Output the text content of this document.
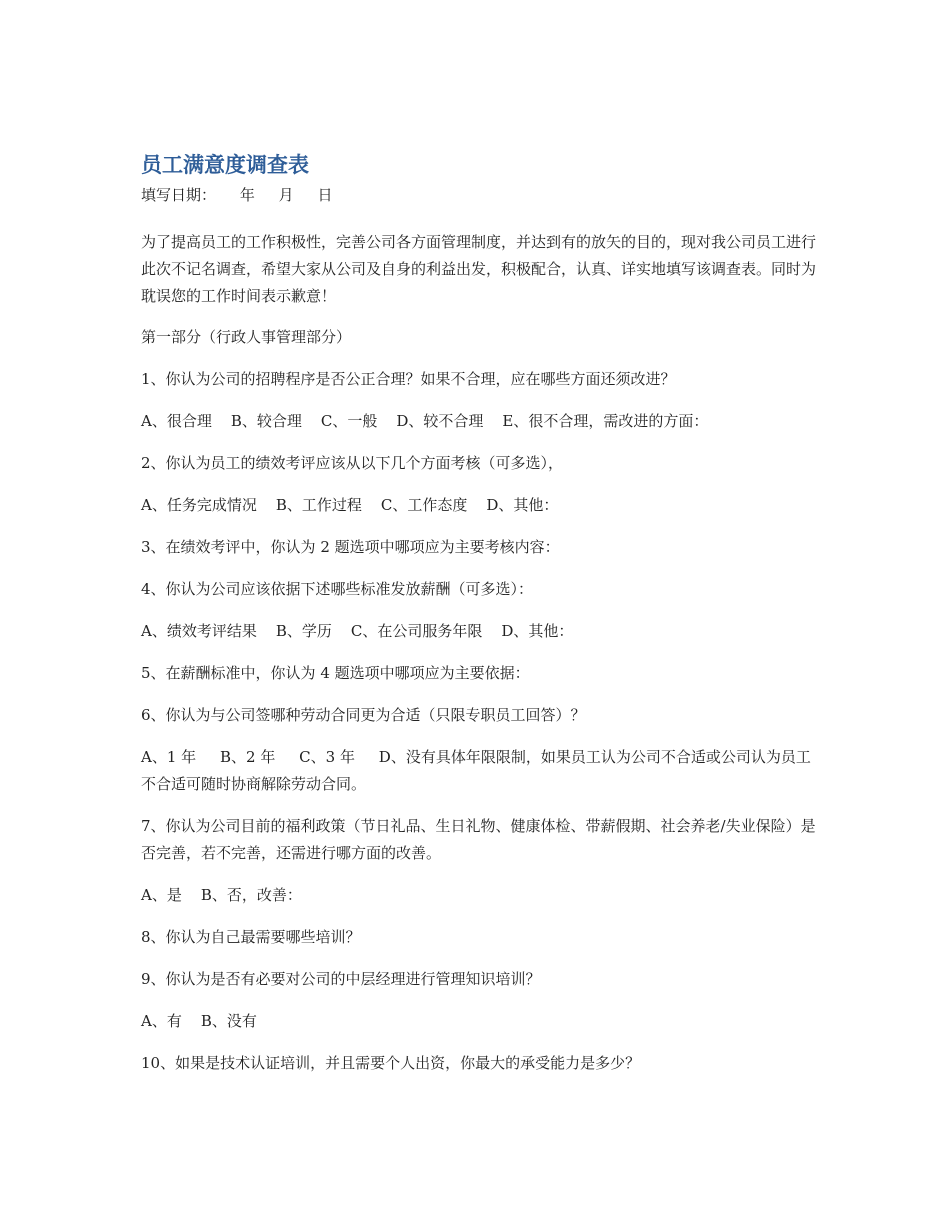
员工满意度调查表
填写日期：     年     月     日

为了提高员工的工作积极性，完善公司各方面管理制度，并达到有的放矢的目的，现对我公司员工进行此次不记名调查，希望大家从公司及自身的利益出发，积极配合，认真、详实地填写该调查表。同时为耽误您的工作时间表示歉意！

第一部分（行政人事管理部分）

1、你认为公司的招聘程序是否公正合理？如果不合理，应在哪些方面还须改进？

A、很合理 B、较合理 C、一般 D、较不合理 E、很不合理，需改进的方面：

2、你认为员工的绩效考评应该从以下几个方面考核（可多选），

A、任务完成情况 B、工作过程 C、工作态度 D、其他：

3、在绩效考评中，你认为 2 题选项中哪项应为主要考核内容：

4、你认为公司应该依据下述哪些标准发放薪酬（可多选）：

A、绩效考评结果 B、学历 C、在公司服务年限 D、其他：

5、在薪酬标准中，你认为 4 题选项中哪项应为主要依据：

6、你认为与公司签哪种劳动合同更为合适（只限专职员工回答）？

A、1 年     B、2 年     C、3 年     D、没有具体年限限制，如果员工认为公司不合适或公司认为员工不合适可随时协商解除劳动合同。

7、你认为公司目前的福利政策（节日礼品、生日礼物、健康体检、带薪假期、社会养老/失业保险）是否完善，若不完善，还需进行哪方面的改善。

A、是 B、否，改善：

8、你认为自己最需要哪些培训？

9、你认为是否有必要对公司的中层经理进行管理知识培训？

A、有 B、没有

10、如果是技术认证培训，并且需要个人出资，你最大的承受能力是多少？
